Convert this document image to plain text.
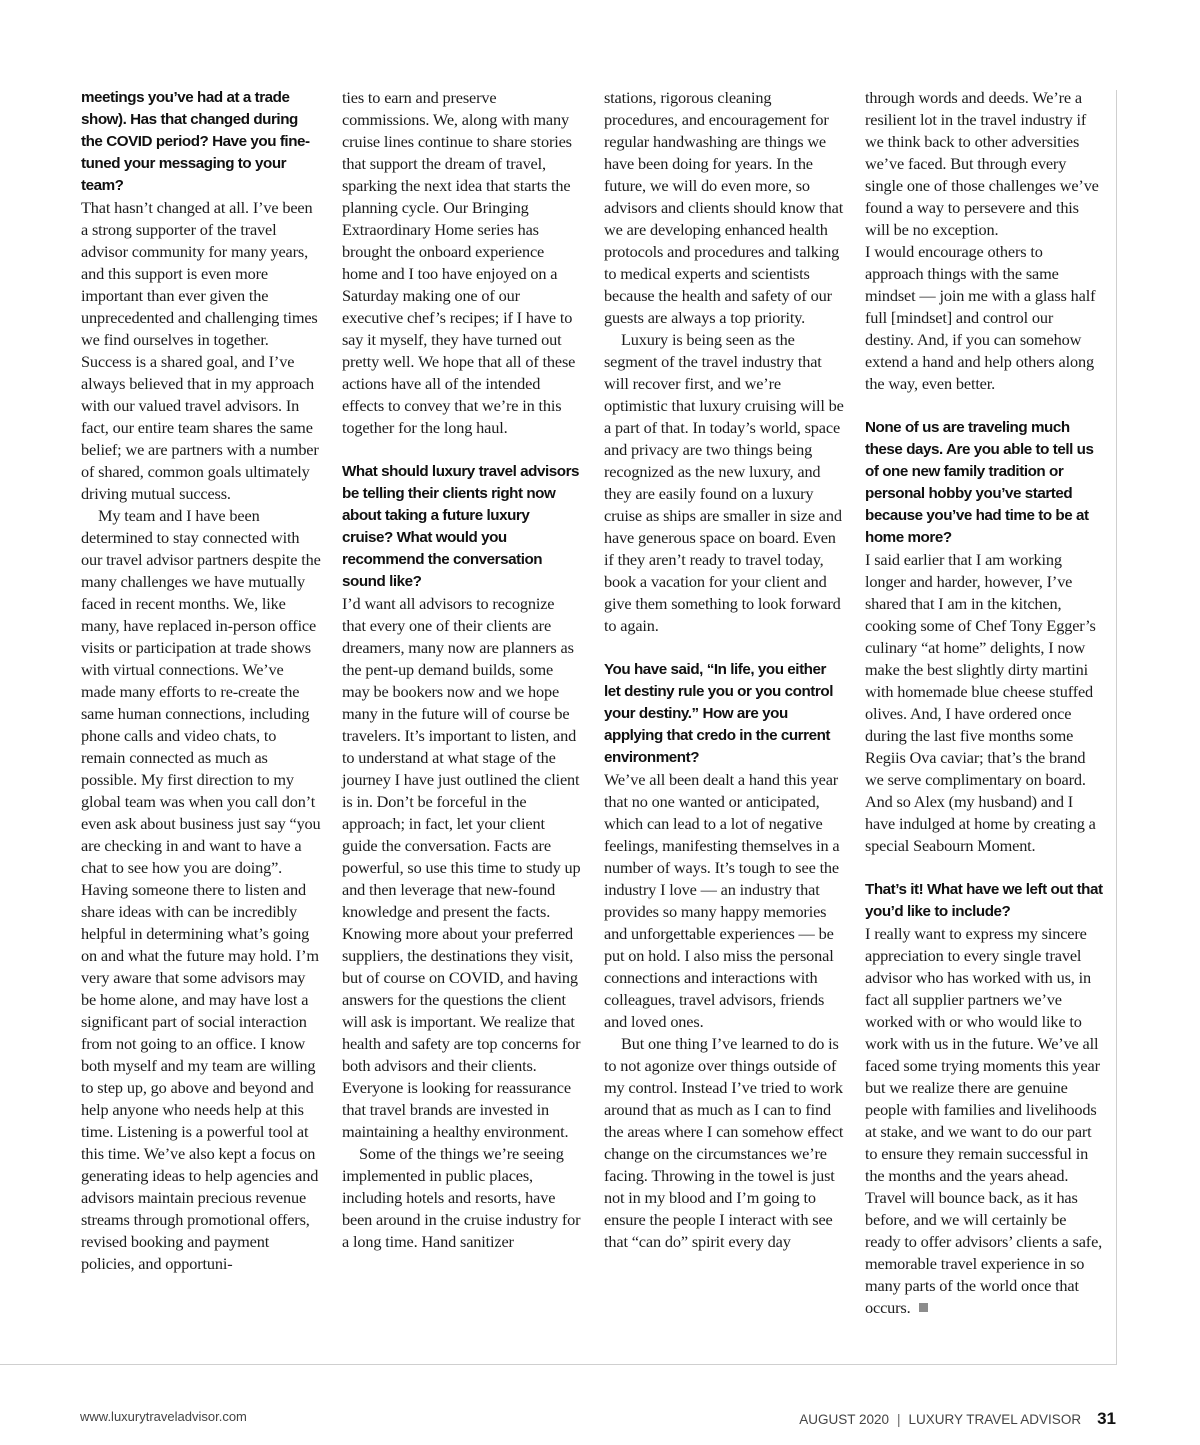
meetings you’ve had at a trade show). Has that changed during the COVID period? Have you fine-tuned your messaging to your team?

That hasn’t changed at all. I’ve been a strong supporter of the travel advisor community for many years, and this support is even more important than ever given the unprecedented and challenging times we find ourselves in together. Success is a shared goal, and I’ve always believed that in my approach with our valued travel advisors. In fact, our entire team shares the same belief; we are partners with a number of shared, common goals ultimately driving mutual success.

My team and I have been determined to stay connected with our travel advisor partners despite the many challenges we have mutually faced in recent months. We, like many, have replaced in-person office visits or participation at trade shows with virtual connections. We’ve made many efforts to re-create the same human connections, including phone calls and video chats, to remain connected as much as possible. My first direction to my global team was when you call don’t even ask about business just say “you are checking in and want to have a chat to see how you are doing”. Having someone there to listen and share ideas with can be incredibly helpful in determining what’s going on and what the future may hold. I’m very aware that some advisors may be home alone, and may have lost a significant part of social interaction from not going to an office. I know both myself and my team are willing to step up, go above and beyond and help anyone who needs help at this time. Listening is a powerful tool at this time. We’ve also kept a focus on generating ideas to help agencies and advisors maintain precious revenue streams through promotional offers, revised booking and payment policies, and opportuni-

ties to earn and preserve commissions. We, along with many cruise lines continue to share stories that support the dream of travel, sparking the next idea that starts the planning cycle. Our Bringing Extraordinary Home series has brought the onboard experience home and I too have enjoyed on a Saturday making one of our executive chef’s recipes; if I have to say it myself, they have turned out pretty well. We hope that all of these actions have all of the intended effects to convey that we’re in this together for the long haul.

What should luxury travel advisors be telling their clients right now about taking a future luxury cruise? What would you recommend the conversation sound like?

I’d want all advisors to recognize that every one of their clients are dreamers, many now are planners as the pent-up demand builds, some may be bookers now and we hope many in the future will of course be travelers. It’s important to listen, and to understand at what stage of the journey I have just outlined the client is in. Don’t be forceful in the approach; in fact, let your client guide the conversation. Facts are powerful, so use this time to study up and then leverage that new-found knowledge and present the facts. Knowing more about your preferred suppliers, the destinations they visit, but of course on COVID, and having answers for the questions the client will ask is important. We realize that health and safety are top concerns for both advisors and their clients. Everyone is looking for reassurance that travel brands are invested in maintaining a healthy environment.

Some of the things we’re seeing implemented in public places, including hotels and resorts, have been around in the cruise industry for a long time. Hand sanitizer

stations, rigorous cleaning procedures, and encouragement for regular handwashing are things we have been doing for years. In the future, we will do even more, so advisors and clients should know that we are developing enhanced health protocols and procedures and talking to medical experts and scientists because the health and safety of our guests are always a top priority.

Luxury is being seen as the segment of the travel industry that will recover first, and we’re optimistic that luxury cruising will be a part of that. In today’s world, space and privacy are two things being recognized as the new luxury, and they are easily found on a luxury cruise as ships are smaller in size and have generous space on board. Even if they aren’t ready to travel today, book a vacation for your client and give them something to look forward to again.

You have said, “In life, you either let destiny rule you or you control your destiny.” How are you applying that credo in the current environment?

We’ve all been dealt a hand this year that no one wanted or anticipated, which can lead to a lot of negative feelings, manifesting themselves in a number of ways. It’s tough to see the industry I love — an industry that provides so many happy memories and unforgettable experiences — be put on hold. I also miss the personal connections and interactions with colleagues, travel advisors, friends and loved ones.

But one thing I’ve learned to do is to not agonize over things outside of my control. Instead I’ve tried to work around that as much as I can to find the areas where I can somehow effect change on the circumstances we’re facing. Throwing in the towel is just not in my blood and I’m going to ensure the people I interact with see that “can do” spirit every day

through words and deeds. We’re a resilient lot in the travel industry if we think back to other adversities we’ve faced. But through every single one of those challenges we’ve found a way to persevere and this will be no exception.

I would encourage others to approach things with the same mindset — join me with a glass half full [mindset] and control our destiny. And, if you can somehow extend a hand and help others along the way, even better.

None of us are traveling much these days. Are you able to tell us of one new family tradition or personal hobby you’ve started because you’ve had time to be at home more?

I said earlier that I am working longer and harder, however, I’ve shared that I am in the kitchen, cooking some of Chef Tony Egger’s culinary “at home” delights, I now make the best slightly dirty martini with homemade blue cheese stuffed olives. And, I have ordered once during the last five months some Regiis Ova caviar; that’s the brand we serve complimentary on board. And so Alex (my husband) and I have indulged at home by creating a special Seabourn Moment.

That’s it! What have we left out that you’d like to include?

I really want to express my sincere appreciation to every single travel advisor who has worked with us, in fact all supplier partners we’ve worked with or who would like to work with us in the future. We’ve all faced some trying moments this year but we realize there are genuine people with families and livelihoods at stake, and we want to do our part to ensure they remain successful in the months and the years ahead. Travel will bounce back, as it has before, and we will certainly be ready to offer advisors’ clients a safe, memorable travel experience in so many parts of the world once that occurs.

www.luxurytraveladvisor.com	AUGUST 2020 | LUXURY TRAVEL ADVISOR 31
